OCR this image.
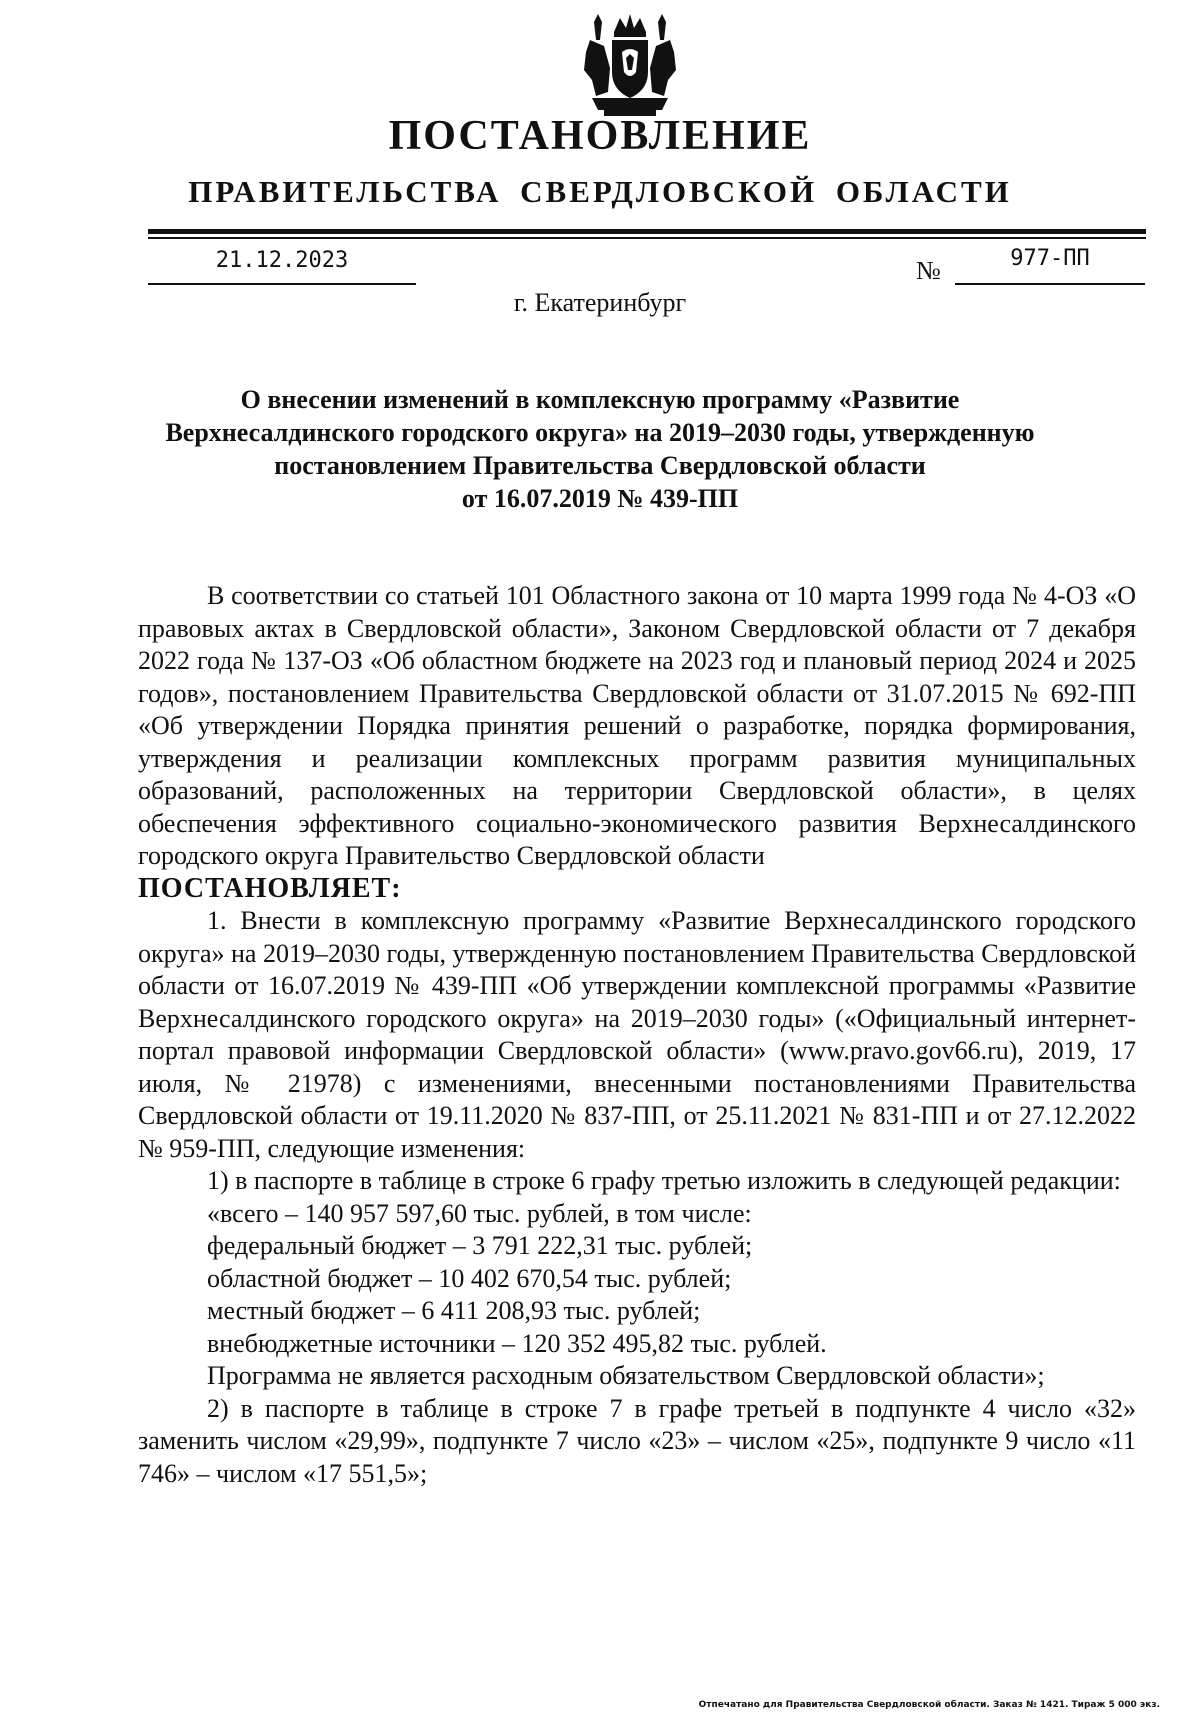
ПОСТАНОВЛЕНИЕ
ПРАВИТЕЛЬСТВА СВЕРДЛОВСКОЙ ОБЛАСТИ
21.12.2023	№	977-ПП
г. Екатеринбург
О внесении изменений в комплексную программу «Развитие
Верхнесалдинского городского округа» на 2019–2030 годы, утвержденную
постановлением Правительства Свердловской области
от 16.07.2019 № 439-ПП

В соответствии со статьей 101 Областного закона от 10 марта 1999 года № 4-ОЗ «О правовых актах в Свердловской области», Законом Свердловской области от 7 декабря 2022 года № 137-ОЗ «Об областном бюджете на 2023 год и плановый период 2024 и 2025 годов», постановлением Правительства Свердловской области от 31.07.2015 № 692-ПП «Об утверждении Порядка принятия решений о разработке, порядка формирования, утверждения и реализации комплексных программ развития муниципальных образований, расположенных на территории Свердловской области», в целях обеспечения эффективного социально-экономического развития Верхнесалдинского городского округа Правительство Свердловской области

ПОСТАНОВЛЯЕТ:

1. Внести в комплексную программу «Развитие Верхнесалдинского городского округа» на 2019–2030 годы, утвержденную постановлением Правительства Свердловской области от 16.07.2019 № 439-ПП «Об утверждении комплексной программы «Развитие Верхнесалдинского городского округа» на 2019–2030 годы» («Официальный интернет-портал правовой информации Свердловской области» (www.pravo.gov66.ru), 2019, 17 июля, № 21978) с изменениями, внесенными постановлениями Правительства Свердловской области от 19.11.2020 № 837-ПП, от 25.11.2021 № 831-ПП и от 27.12.2022 № 959-ПП, следующие изменения:

1) в паспорте в таблице в строке 6 графу третью изложить в следующей редакции:

«всего – 140 957 597,60 тыс. рублей, в том числе:

федеральный бюджет – 3 791 222,31 тыс. рублей;

областной бюджет – 10 402 670,54 тыс. рублей;

местный бюджет – 6 411 208,93 тыс. рублей;

внебюджетные источники – 120 352 495,82 тыс. рублей.

Программа не является расходным обязательством Свердловской области»;

2) в паспорте в таблице в строке 7 в графе третьей в подпункте 4 число «32» заменить числом «29,99», подпункте 7 число «23» – числом «25», подпункте 9 число «11 746» – числом «17 551,5»;

Отпечатано для Правительства Свердловской области. Заказ № 1421. Тираж 5 000 экз.
